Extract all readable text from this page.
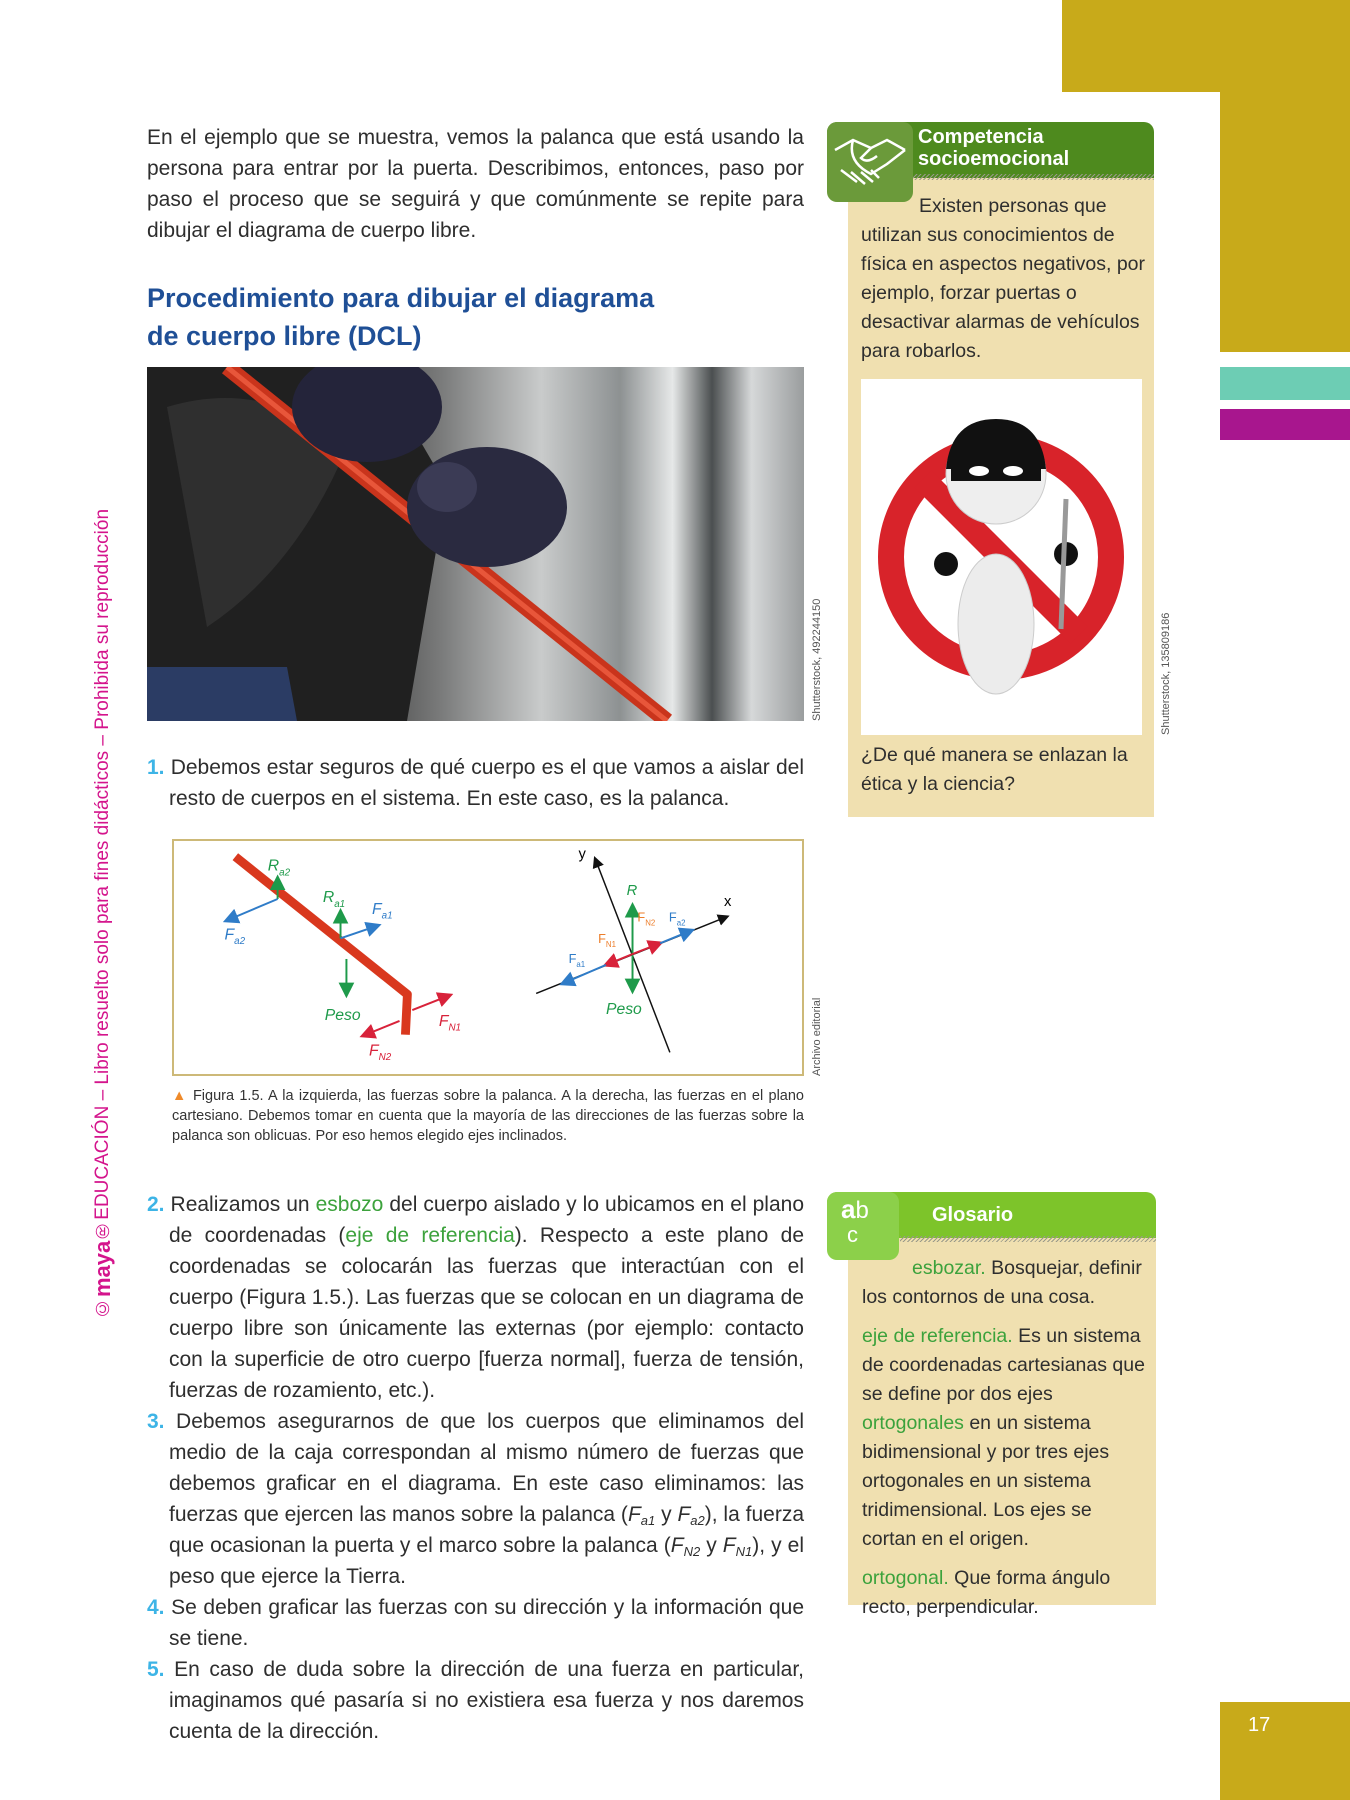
17
©maya®EDUCACIÓN – Libro resuelto solo para fines didácticos – Prohibida su reproducción

En el ejemplo que se muestra, vemos la palanca que está usando la persona para entrar por la puerta. Describimos, entonces, paso por paso el proceso que se seguirá y que comúnmente se repite para dibujar el diagrama de cuerpo libre.

Procedimiento para dibujar el diagrama
de cuerpo libre (DCL)
Shutterstock, 492244150
1. Debemos estar seguros de qué cuerpo es el que vamos a aislar del resto de cuerpos en el sistema. En este caso, es la palanca.
$R_{a2}$
$F_{a2}$
$R_{a1}$ $F_{a1}$
Peso	$F_{N1}$
$F_{N2}$
y
x
R
$F_{N1}$
$F_{N2}$ $F_{a2}$
$F_{a1}$
Peso	Archivo editorial

▲ Figura 1.5. A la izquierda, las fuerzas sobre la palanca. A la derecha, las fuerzas en el plano cartesiano. Debemos tomar en cuenta que la mayoría de las direcciones de las fuerzas sobre la palanca son oblicuas. Por eso hemos elegido ejes inclinados.

2. Realizamos un esbozo del cuerpo aislado y lo ubicamos en el plano de coordenadas (eje de referencia). Respecto a este plano de coordenadas se colocarán las fuerzas que interactúan con el cuerpo (Figura 1.5.). Las fuerzas que se colocan en un diagrama de cuerpo libre son únicamente las externas (por ejemplo: contacto con la superficie de otro cuerpo [fuerza normal], fuerza de tensión, fuerzas de rozamiento, etc.).
3. Debemos asegurarnos de que los cuerpos que eliminamos del medio de la caja correspondan al mismo número de fuerzas que debemos graficar en el diagrama. En este caso eliminamos: las fuerzas que ejercen las manos sobre la palanca ($F_{a1}$ y $F_{a2}$), la fuerza que ocasionan la puerta y el marco sobre la palanca ($F_{N2}$ y $F_{N1}$), y el peso que ejerce la Tierra.
4. Se deben graficar las fuerzas con su dirección y la información que se tiene.
5. En caso de duda sobre la dirección de una fuerza en particular, imaginamos qué pasaría si no existiera esa fuerza y nos daremos cuenta de la dirección.
Competencia
socioemocional

Existen personas que utilizan sus conocimientos de física en aspectos negativos, por ejemplo, forzar puertas o desactivar alarmas de vehículos para robarlos.

Shutterstock, 135809186

¿De qué manera se enlazan la ética y la ciencia?

Glosario
ab
c

esbozar. Bosquejar, definir los contornos de una cosa.

eje de referencia. Es un sistema de coordenadas cartesianas que se define por dos ejes ortogonales en un sistema bidimensional y por tres ejes ortogonales en un sistema tridimensional. Los ejes se cortan en el origen.

ortogonal. Que forma ángulo recto, perpendicular.
